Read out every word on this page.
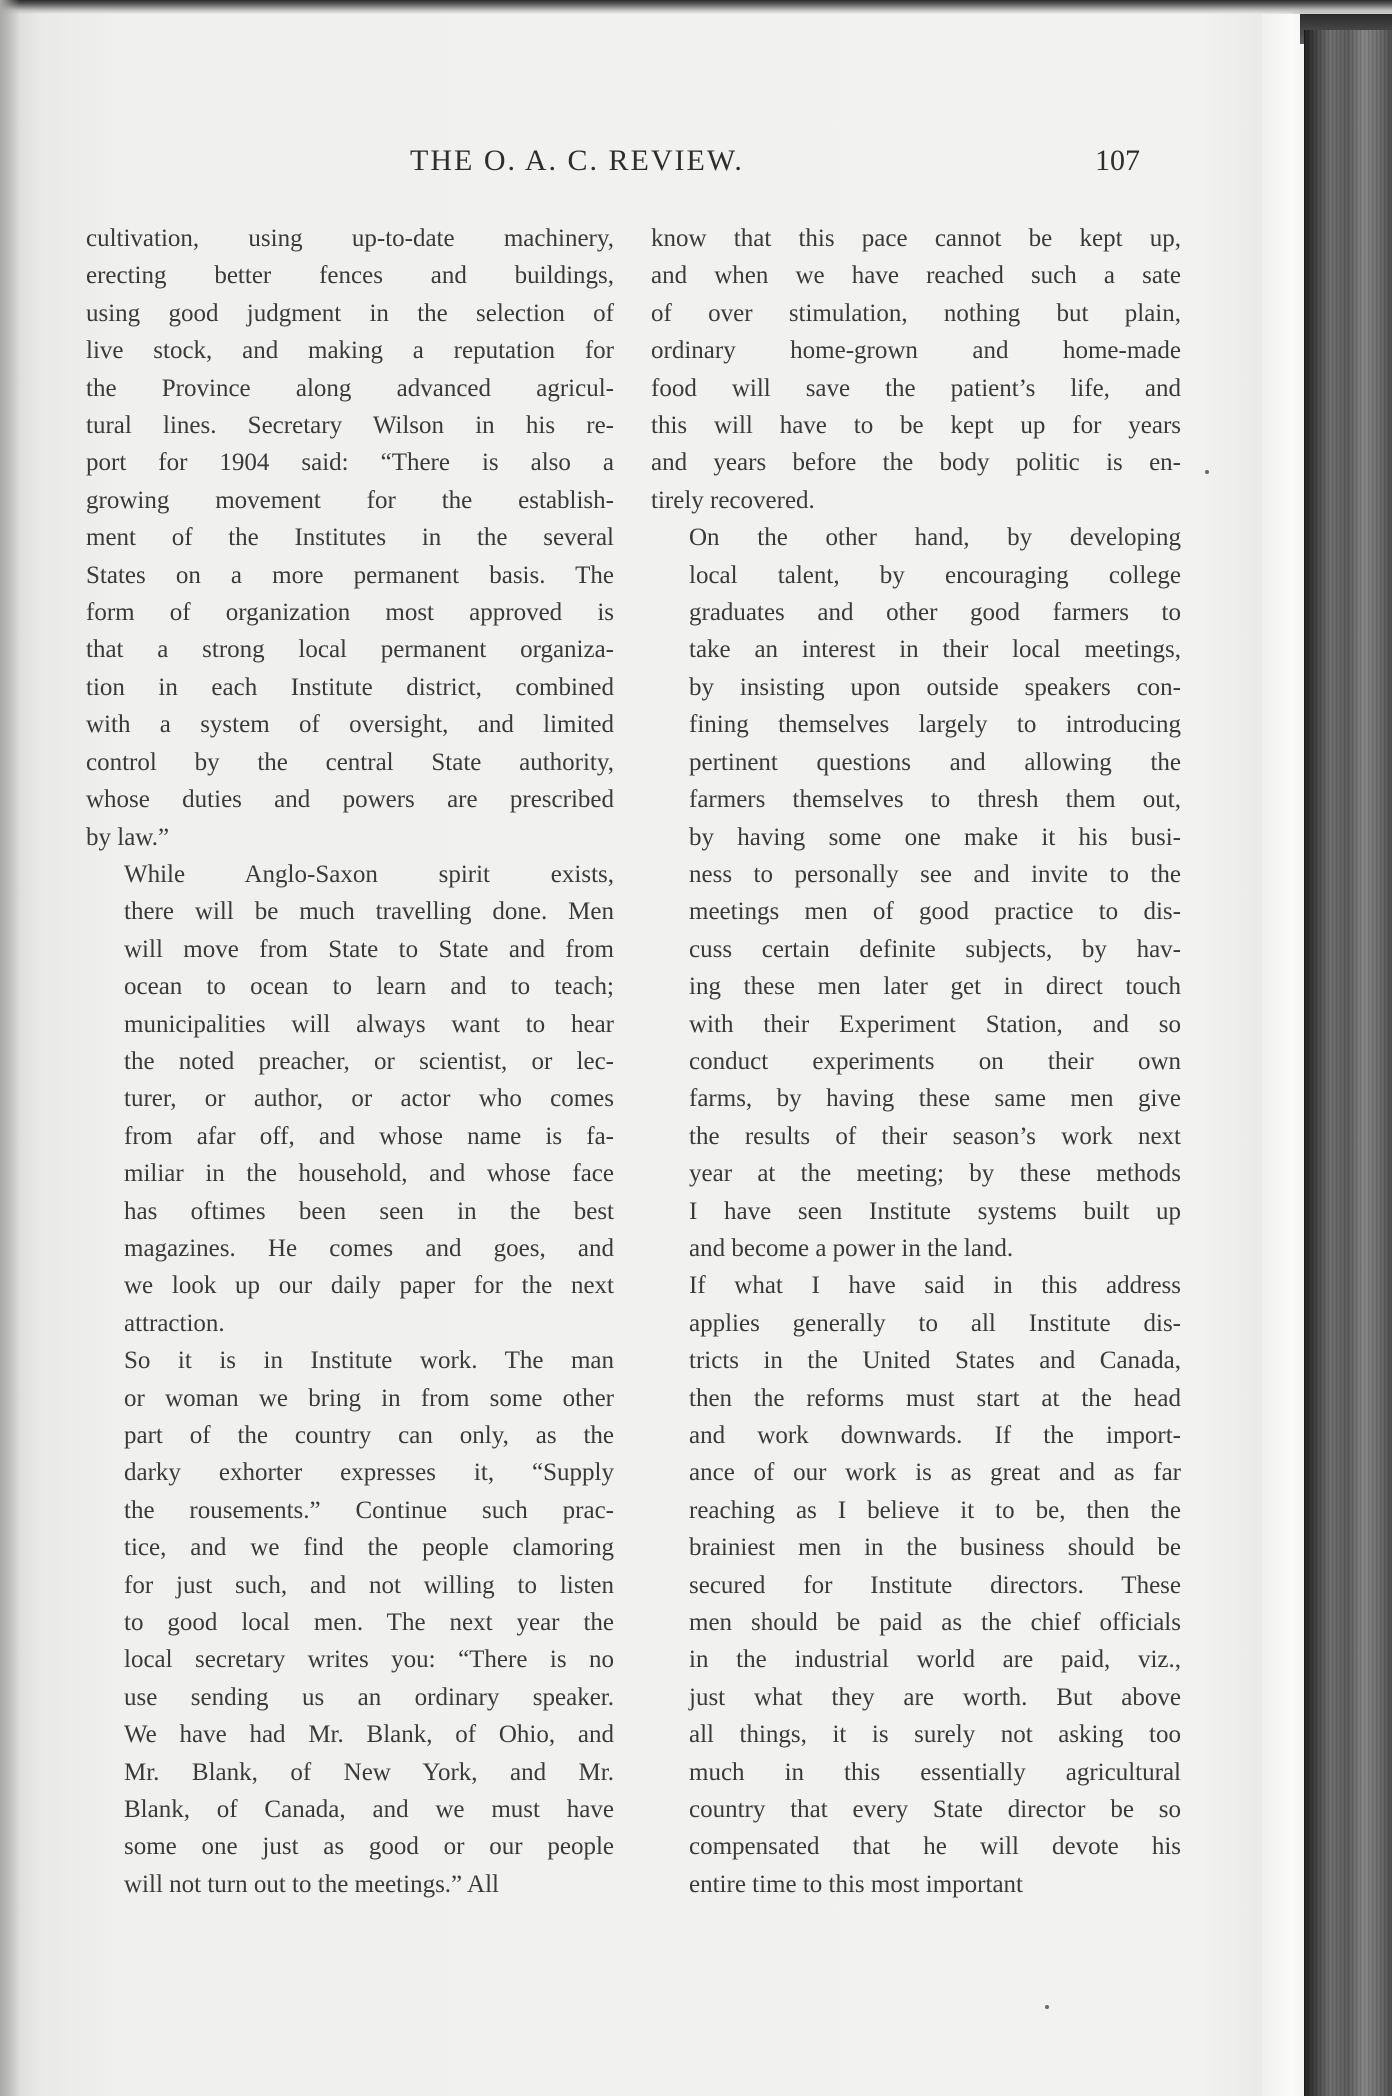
THE O. A. C. REVIEW.	107
cultivation, using up-to-date machinery,
erecting better fences and buildings,
using good judgment in the selection of
live stock, and making a reputation for
the Province along advanced agricul-
tural lines. Secretary Wilson in his re-
port for 1904 said: “There is also a
growing movement for the establish-
ment of the Institutes in the several
States on a more permanent basis. The
form of organization most approved is
that a strong local permanent organiza-
tion in each Institute district, combined
with a system of oversight, and limited
control by the central State authority,
whose duties and powers are prescribed
by law.”
While Anglo-Saxon spirit exists,
there will be much travelling done. Men
will move from State to State and from
ocean to ocean to learn and to teach;
municipalities will always want to hear
the noted preacher, or scientist, or lec-
turer, or author, or actor who comes
from afar off, and whose name is fa-
miliar in the household, and whose face
has oftimes been seen in the best
magazines. He comes and goes, and
we look up our daily paper for the next
attraction.
So it is in Institute work. The man
or woman we bring in from some other
part of the country can only, as the
darky exhorter expresses it, “Supply
the rousements.” Continue such prac-
tice, and we find the people clamoring
for just such, and not willing to listen
to good local men. The next year the
local secretary writes you: “There is no
use sending us an ordinary speaker.
We have had Mr. Blank, of Ohio, and
Mr. Blank, of New York, and Mr.
Blank, of Canada, and we must have
some one just as good or our people
will not turn out to the meetings.” All
know that this pace cannot be kept up,
and when we have reached such a sate
of over stimulation, nothing but plain,
ordinary home-grown and home-made
food will save the patient’s life, and
this will have to be kept up for years
and years before the body politic is en-
tirely recovered.
On the other hand, by developing
local talent, by encouraging college
graduates and other good farmers to
take an interest in their local meetings,
by insisting upon outside speakers con-
fining themselves largely to introducing
pertinent questions and allowing the
farmers themselves to thresh them out,
by having some one make it his busi-
ness to personally see and invite to the
meetings men of good practice to dis-
cuss certain definite subjects, by hav-
ing these men later get in direct touch
with their Experiment Station, and so
conduct experiments on their own
farms, by having these same men give
the results of their season’s work next
year at the meeting; by these methods
I have seen Institute systems built up
and become a power in the land.
If what I have said in this address
applies generally to all Institute dis-
tricts in the United States and Canada,
then the reforms must start at the head
and work downwards. If the import-
ance of our work is as great and as far
reaching as I believe it to be, then the
brainiest men in the business should be
secured for Institute directors. These
men should be paid as the chief officials
in the industrial world are paid, viz.,
just what they are worth. But above
all things, it is surely not asking too
much in this essentially agricultural
country that every State director be so
compensated that he will devote his
entire time to this most important
